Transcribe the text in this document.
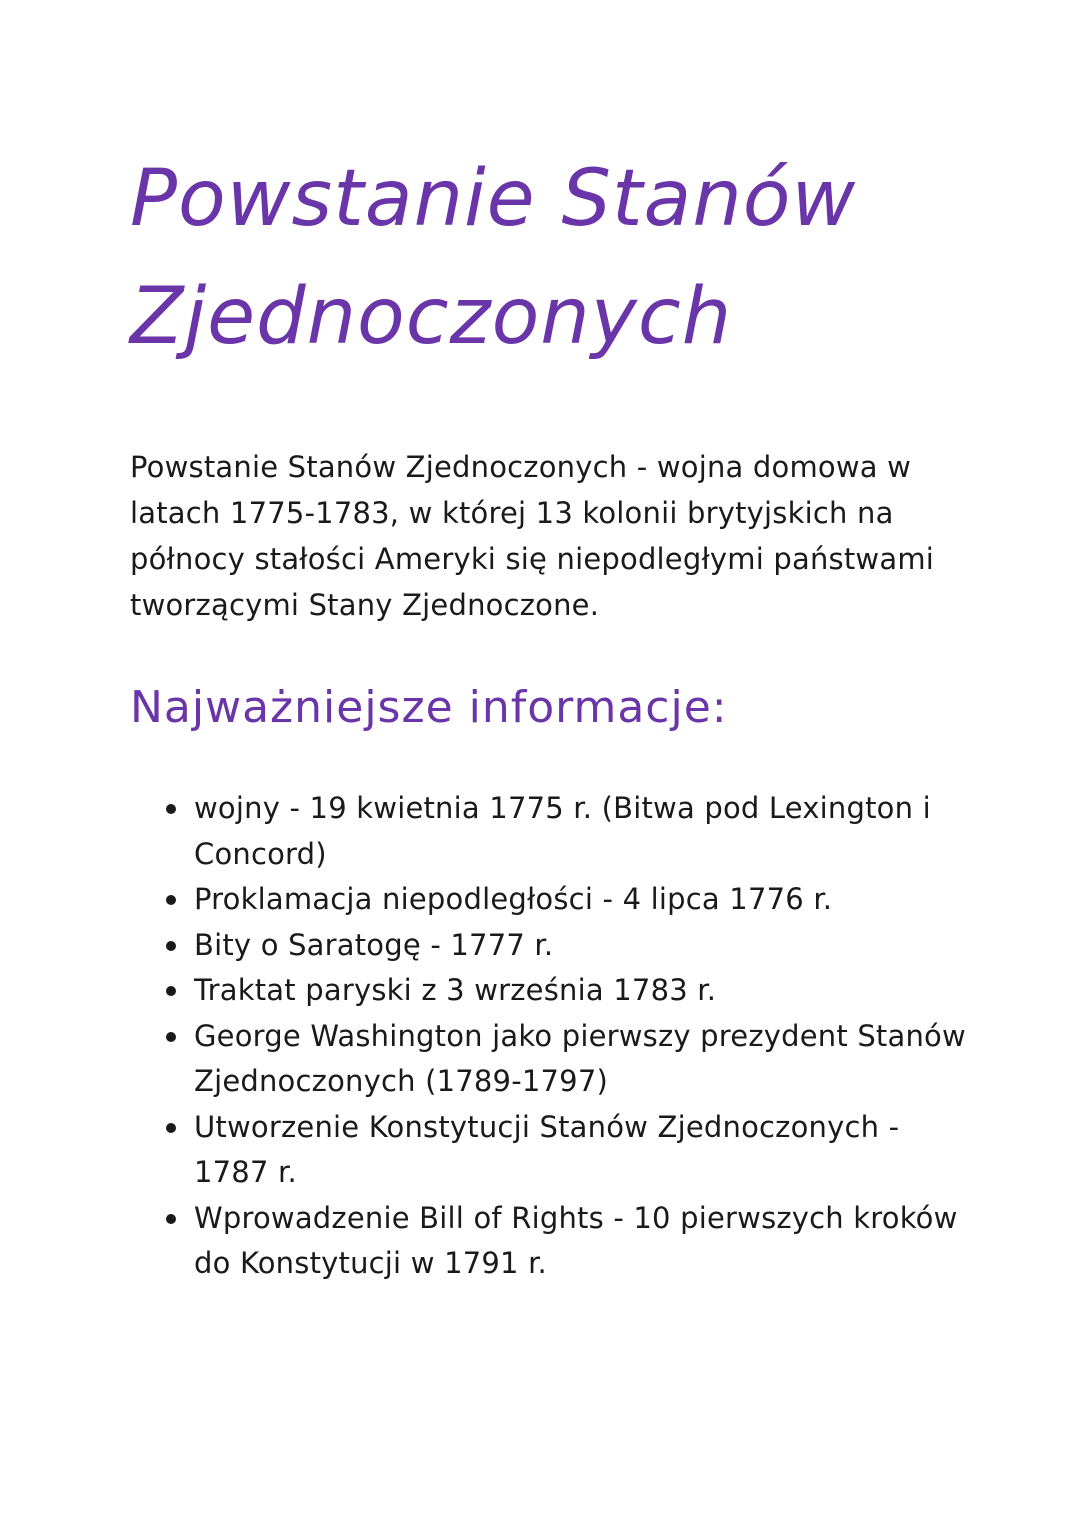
Powstanie Stanów Zjednoczonych

Powstanie Stanów Zjednoczonych - wojna domowa w latach 1775-1783, w której 13 kolonii brytyjskich na północy stałości Ameryki się niepodległymi państwami tworzącymi Stany Zjednoczone.

Najważniejsze informacje:
wojny - 19 kwietnia 1775 r. (Bitwa pod Lexington i Concord)
Proklamacja niepodległości - 4 lipca 1776 r.
Bity o Saratogę - 1777 r.
Traktat paryski z 3 września 1783 r.
George Washington jako pierwszy prezydent Stanów Zjednoczonych (1789-1797)
Utworzenie Konstytucji Stanów Zjednoczonych - 1787 r.
Wprowadzenie Bill of Rights - 10 pierwszych kroków do Konstytucji w 1791 r.
